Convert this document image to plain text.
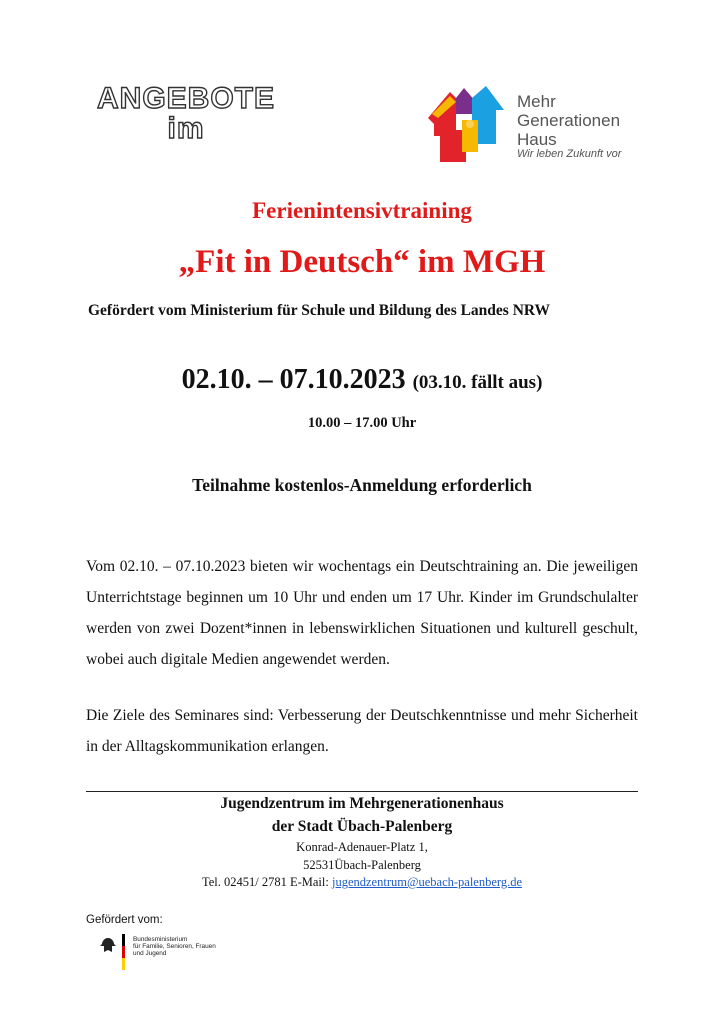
ANGEBOTE
im
Mehr
Generationen
Haus
Wir leben Zukunft vor
Ferienintensivtraining
„Fit in Deutsch“ im MGH
Gefördert vom Ministerium für Schule und Bildung des Landes NRW
02.10. – 07.10.2023 (03.10. fällt aus)
10.00 – 17.00 Uhr
Teilnahme kostenlos-Anmeldung erforderlich
Vom 02.10. – 07.10.2023 bieten wir wochentags ein Deutschtraining an. Die jeweiligen Unterrichtstage beginnen um 10 Uhr und enden um 17 Uhr. Kinder im Grundschulalter werden von zwei Dozent*innen in lebenswirklichen Situationen und kulturell geschult, wobei auch digitale Medien angewendet werden.
Die Ziele des Seminares sind: Verbesserung der Deutschkenntnisse und mehr Sicherheit in der Alltagskommunikation erlangen.
Jugendzentrum im Mehrgenerationenhaus
der Stadt Übach-Palenberg
Konrad-Adenauer-Platz 1,
52531Übach-Palenberg
Tel. 02451/ 2781 E-Mail: jugendzentrum@uebach-palenberg.de
Gefördert vom:
Bundesministerium
für Familie, Senioren, Frauen
und Jugend
